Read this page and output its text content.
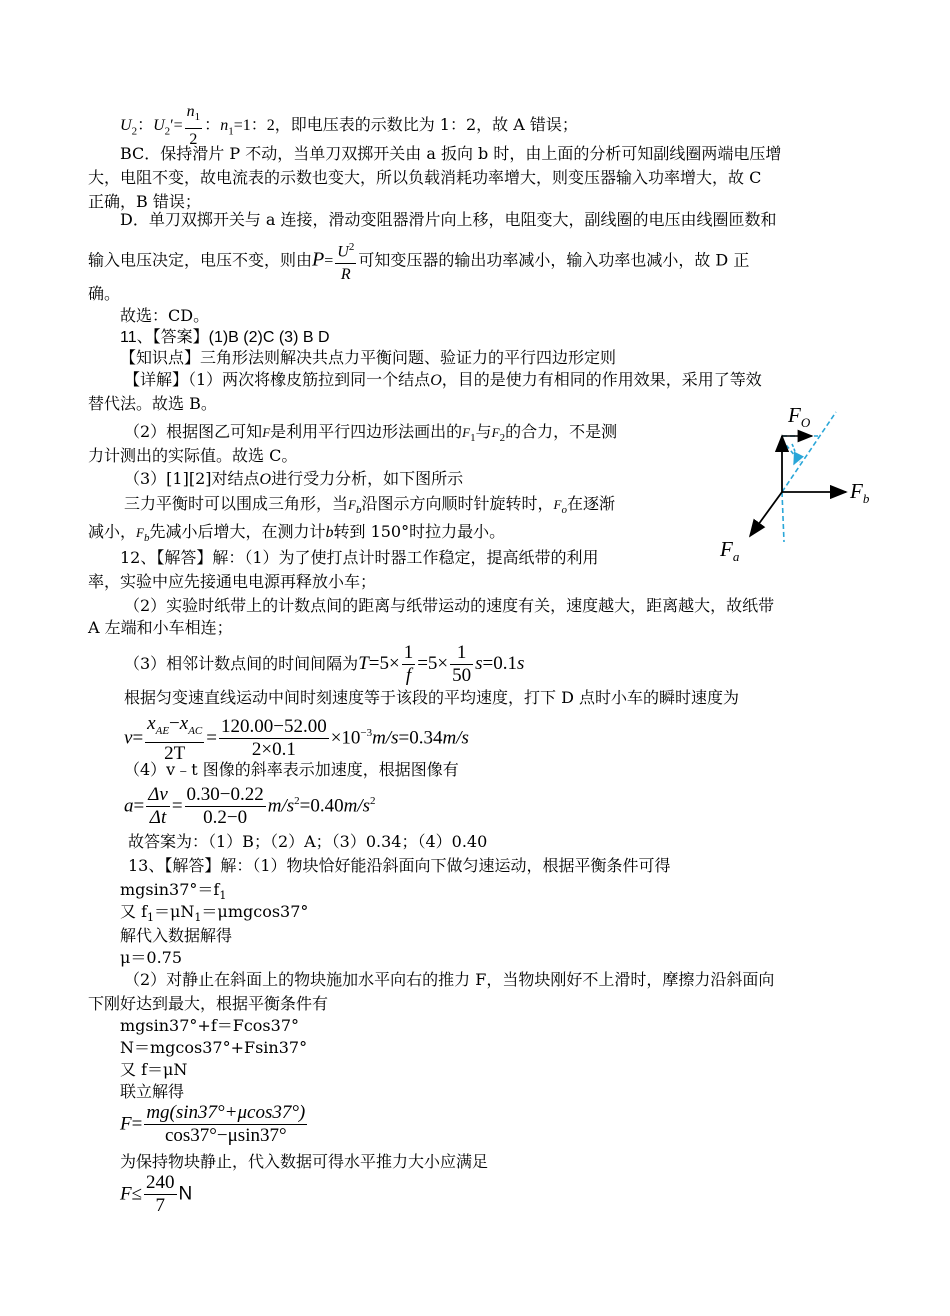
$U_2$：$U_2'= \frac{n_1}{2}$ ：$n_1=1$：2，即电压表的示数比为 1：2，故 A 错误；
BC．保持滑片 P 不动，当单刀双掷开关由 a 扳向 b 时，由上面的分析可知副线圈两端电压增
大，电阻不变，故电流表的示数也变大，所以负载消耗功率增大，则变压器输入功率增大，故 C
正确，B 错误；
D．单刀双掷开关与 a 连接，滑动变阻器滑片向上移，电阻变大，副线圈的电压由线圈匝数和
输入电压决定，电压不变，则由$P= \frac{U^2}{R}$ 可知变压器的输出功率减小，输入功率也减小，故 D 正
确。
故选：CD。
11、【答案】(1)B (2)C (3) B D
【知识点】三角形法则解决共点力平衡问题、验证力的平行四边形定则
【详解】（1）两次将橡皮筋拉到同一个结点O，目的是使力有相同的作用效果，采用了等效
替代法。故选 B。
（2）根据图乙可知F是利用平行四边形法画出的$F_1$与$F_2$的合力，不是测
力计测出的实际值。故选 C。
（3）[1][2]对结点O进行受力分析，如下图所示
三力平衡时可以围成三角形，当$F_b$沿图示方向顺时针旋转时，$F_o$在逐渐
减小，$F_b$先减小后增大，在测力计b转到 150°时拉力最小。
12、【解答】解：（1）为了使打点计时器工作稳定，提高纸带的利用
率，实验中应先接通电电源再释放小车；
（2）实验时纸带上的计数点间的距离与纸带运动的速度有关，速度越大，距离越大，故纸带
A 左端和小车相连；
（3）相邻计数点间的时间间隔为$T=5\times \frac{1}{f} =5\times \frac{1}{50} s=0.1s$
根据匀变速直线运动中间时刻速度等于该段的平均速度，打下 D 点时小车的瞬时速度为
$v= \frac{x_{AE}-x_{AC}}{2T} = \frac{120.00-52.00}{2\times 0.1} \times 10^{-3}m/s=0.34m/s$
（4）v﹣t 图像的斜率表示加速度，根据图像有
$a= \frac{\Delta v}{\Delta t} = \frac{0.30-0.22}{0.2-0} m/s^2=0.40m/s^2$
故答案为：（1）B；（2）A；（3）0.34；（4）0.40
13、【解答】解：（1）物块恰好能沿斜面向下做匀速运动，根据平衡条件可得
$mgsin37^\circ=f_1$
又 $f_1=\mu N_1=\mu mgcos37^\circ$
解代入数据解得
μ＝0.75
（2）对静止在斜面上的物块施加水平向右的推力 F，当物块刚好不上滑时，摩擦力沿斜面向
下刚好达到最大，根据平衡条件有
mgsin37°+f＝Fcos37°
N＝mgcos37°+Fsin37°
又 f＝μN
联立解得
$F= \frac{mg(\sin 37^\circ+\mu\cos 37^\circ)}{\cos 37^\circ-\mu\sin 37^\circ}$
为保持物块静止，代入数据可得水平推力大小应满足
$F\le \frac{240}{7}$ N
$F_O$
$F_b$
$F_a$
